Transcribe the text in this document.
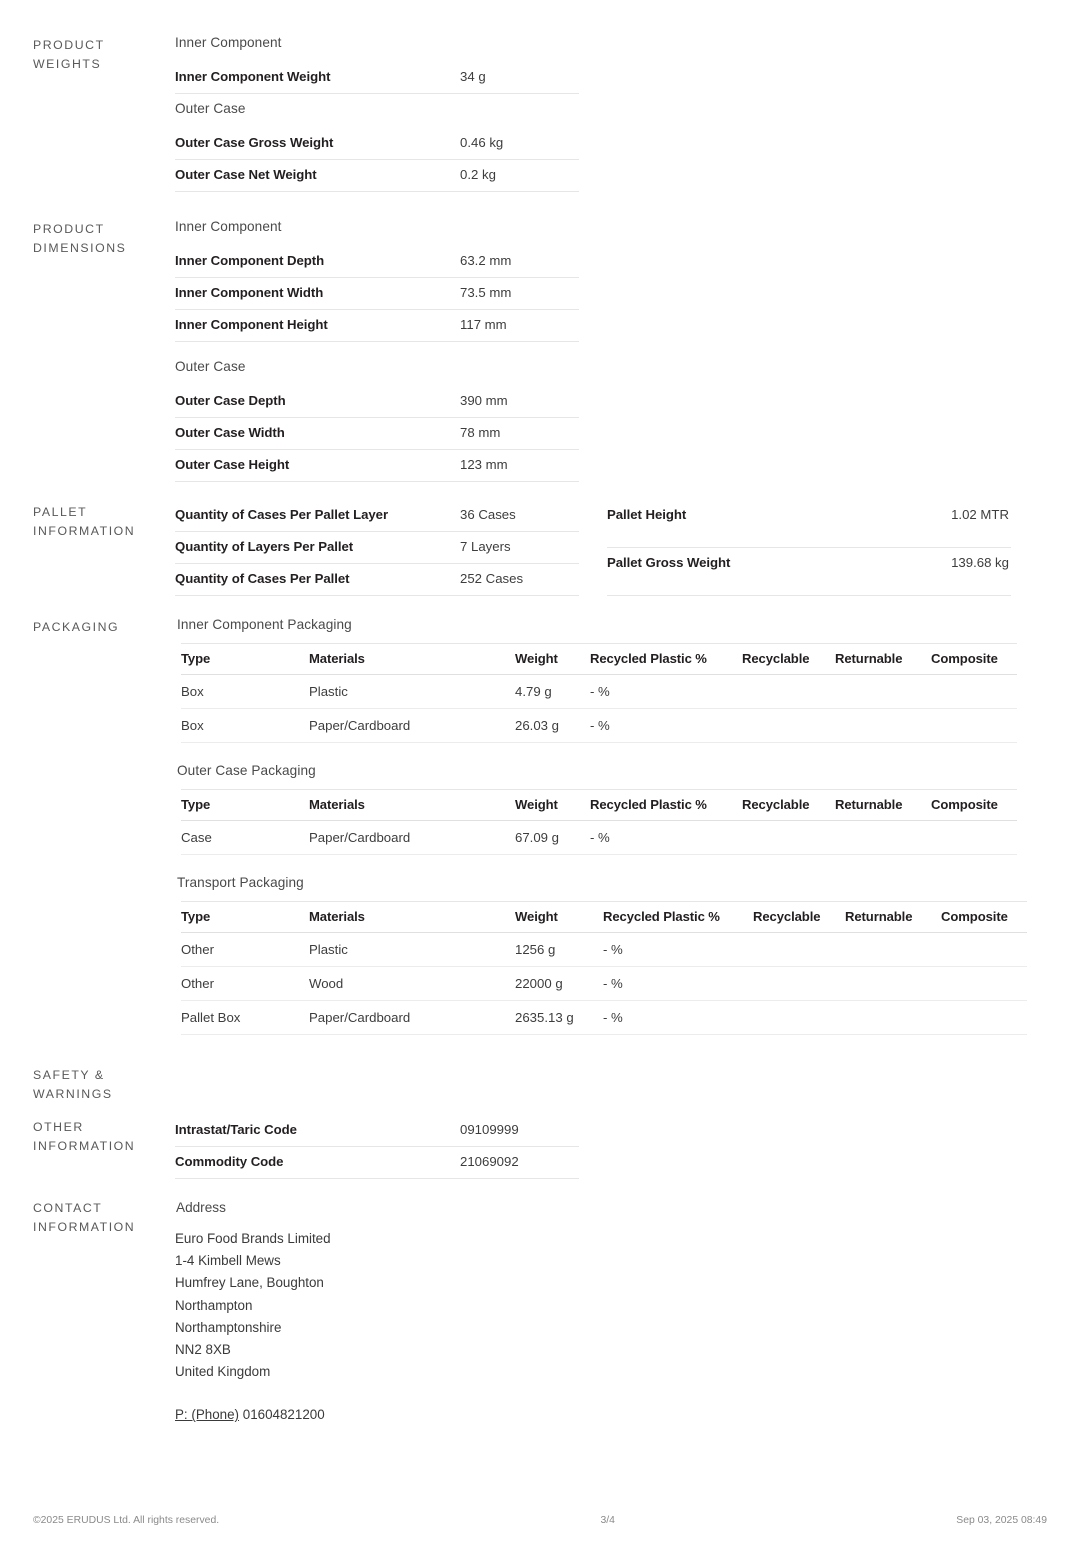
PRODUCT WEIGHTS
Inner Component
Inner Component Weight	34 g
Outer Case
Outer Case Gross Weight	0.46 kg
Outer Case Net Weight	0.2 kg
PRODUCT DIMENSIONS
Inner Component
Inner Component Depth	63.2 mm
Inner Component Width	73.5 mm
Inner Component Height	117 mm
Outer Case
Outer Case Depth	390 mm
Outer Case Width	78 mm
Outer Case Height	123 mm
PALLET INFORMATION
Quantity of Cases Per Pallet Layer	36 Cases
Quantity of Layers Per Pallet	7 Layers
Quantity of Cases Per Pallet	252 Cases
Pallet Height	1.02 MTR
Pallet Gross Weight	139.68 kg
PACKAGING	Inner Component Packaging
Type	Materials	Weight	Recycled Plastic %	Recyclable	Returnable	Composite
Box	Plastic	4.79 g	- %			
Box	Paper/Cardboard	26.03 g	- %			
Outer Case Packaging
Type	Materials	Weight	Recycled Plastic %	Recyclable	Returnable	Composite
Case	Paper/Cardboard	67.09 g	- %			
Transport Packaging
Type	Materials	Weight	Recycled Plastic %	Recyclable	Returnable	Composite
Other	Plastic	1256 g	- %			
Other	Wood	22000 g	- %			
Pallet Box	Paper/Cardboard	2635.13 g	- %			
SAFETY & WARNINGS
OTHER INFORMATION
Intrastat/Taric Code	09109999
Commodity Code	21069092
CONTACT INFORMATION
Address
Euro Food Brands Limited
1-4 Kimbell Mews
Humfrey Lane, Boughton
Northampton
Northamptonshire
NN2 8XB
United Kingdom
P: (Phone) 01604821200
©2025 ERUDUS Ltd. All rights reserved.	3/4	Sep 03, 2025 08:49
